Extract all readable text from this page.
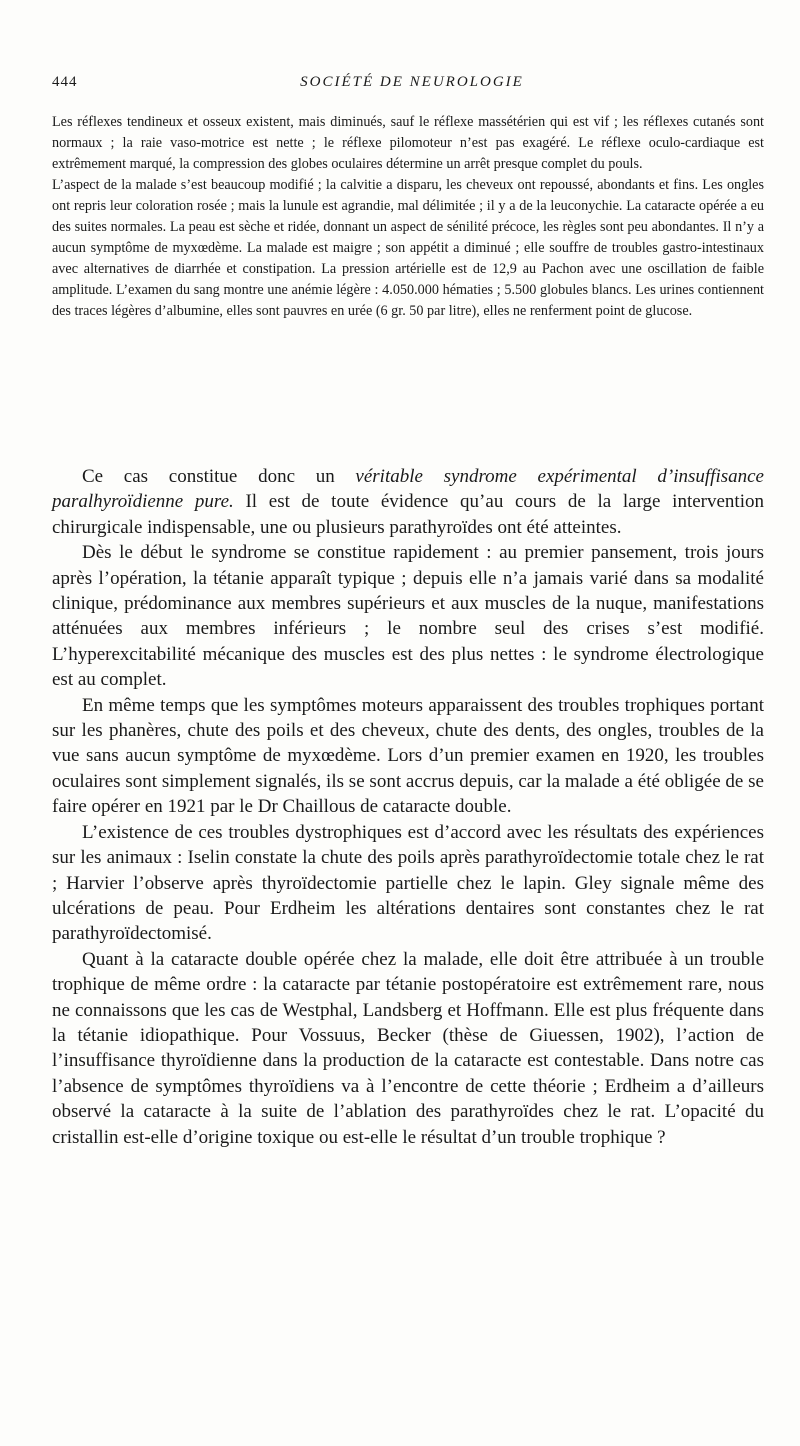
444	SOCIÉTÉ DE NEUROLOGIE

Les réflexes tendineux et osseux existent, mais diminués, sauf le réflexe massétérien qui est vif ; les réflexes cutanés sont normaux ; la raie vaso-motrice est nette ; le réflexe pilomoteur n’est pas exagéré. Le réflexe oculo-cardiaque est extrêmement marqué, la compression des globes oculaires détermine un arrêt presque complet du pouls.

L’aspect de la malade s’est beaucoup modifié ; la calvitie a disparu, les cheveux ont repoussé, abondants et fins. Les ongles ont repris leur coloration rosée ; mais la lunule est agrandie, mal délimitée ; il y a de la leuconychie. La cataracte opérée a eu des suites normales. La peau est sèche et ridée, donnant un aspect de sénilité précoce, les règles sont peu abondantes. Il n’y a aucun symptôme de myxœdème. La malade est maigre ; son appétit a diminué ; elle souffre de troubles gastro-intestinaux avec alternatives de diarrhée et constipation. La pression artérielle est de 12,9 au Pachon avec une oscillation de faible amplitude. L’examen du sang montre une anémie légère : 4.050.000 hématies ; 5.500 globules blancs. Les urines contiennent des traces légères d’albumine, elles sont pauvres en urée (6 gr. 50 par litre), elles ne renferment point de glucose.

Ce cas constitue donc un véritable syndrome expérimental d’insuffisance paralhyroïdienne pure. Il est de toute évidence qu’au cours de la large intervention chirurgicale indispensable, une ou plusieurs parathyroïdes ont été atteintes.

Dès le début le syndrome se constitue rapidement : au premier pansement, trois jours après l’opération, la tétanie apparaît typique ; depuis elle n’a jamais varié dans sa modalité clinique, prédominance aux membres supérieurs et aux muscles de la nuque, manifestations atténuées aux membres inférieurs ; le nombre seul des crises s’est modifié. L’hyperexcitabilité mécanique des muscles est des plus nettes : le syndrome électrologique est au complet.

En même temps que les symptômes moteurs apparaissent des troubles trophiques portant sur les phanères, chute des poils et des cheveux, chute des dents, des ongles, troubles de la vue sans aucun symptôme de myxœdème. Lors d’un premier examen en 1920, les troubles oculaires sont simplement signalés, ils se sont accrus depuis, car la malade a été obligée de se faire opérer en 1921 par le Dr Chaillous de cataracte double.

L’existence de ces troubles dystrophiques est d’accord avec les résultats des expériences sur les animaux : Iselin constate la chute des poils après parathyroïdectomie totale chez le rat ; Harvier l’observe après thyroïdectomie partielle chez le lapin. Gley signale même des ulcérations de peau. Pour Erdheim les altérations dentaires sont constantes chez le rat parathyroïdectomisé.

Quant à la cataracte double opérée chez la malade, elle doit être attribuée à un trouble trophique de même ordre : la cataracte par tétanie postopératoire est extrêmement rare, nous ne connaissons que les cas de Westphal, Landsberg et Hoffmann. Elle est plus fréquente dans la tétanie idiopathique. Pour Vossuus, Becker (thèse de Giuessen, 1902), l’action de l’insuffisance thyroïdienne dans la production de la cataracte est contestable. Dans notre cas l’absence de symptômes thyroïdiens va à l’encontre de cette théorie ; Erdheim a d’ailleurs observé la cataracte à la suite de l’ablation des parathyroïdes chez le rat. L’opacité du cristallin est-elle d’origine toxique ou est-elle le résultat d’un trouble trophique ?
